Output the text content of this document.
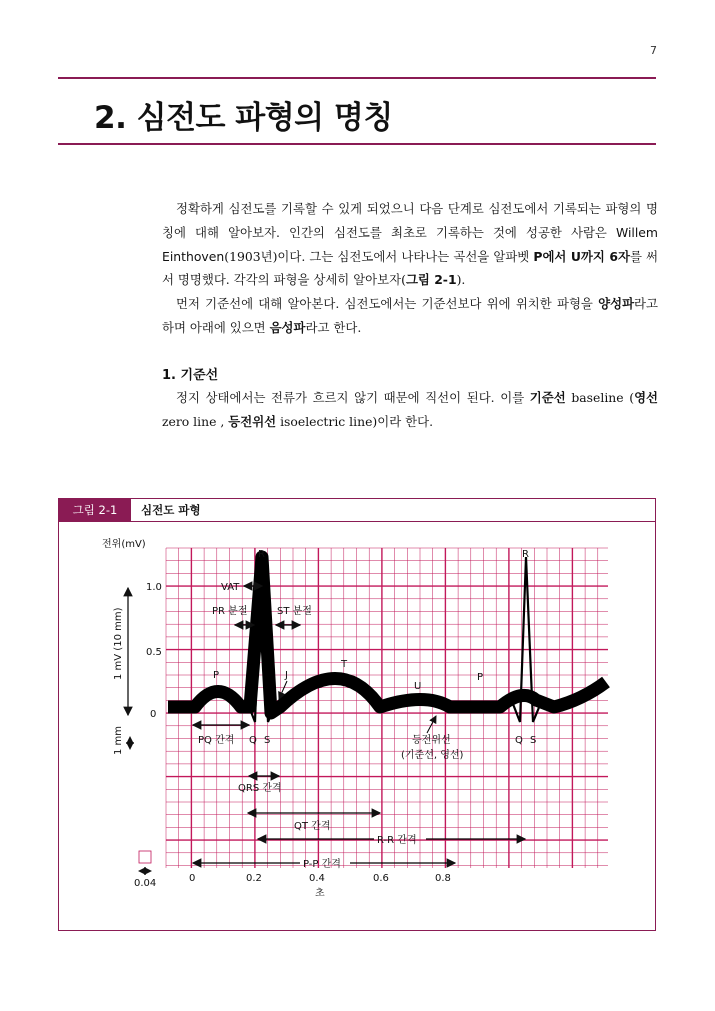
7
2. 심전도 파형의 명칭

정확하게 심전도를 기록할 수 있게 되었으니 다음 단계로 심전도에서 기록되는 파형의 명칭에 대해 알아보자. 인간의 심전도를 최초로 기록하는 것에 성공한 사람은 Willem Einthoven(1903년)이다. 그는 심전도에서 나타나는 곡선을 알파벳 P에서 U까지 6자를 써서 명명했다. 각각의 파형을 상세히 알아보자(그림 2-1).

먼저 기준선에 대해 알아본다. 심전도에서는 기준선보다 위에 위치한 파형을 양성파라고 하며 아래에 있으면 음성파라고 한다.

1. 기준선

정지 상태에서는 전류가 흐르지 않기 때문에 직선이 된다. 이를 기준선 baseline (영선 zero line , 등전위선 isoelectric line)이라 한다.

그림 2-1	심전도 파형
전위(mV)
1.0
0.5
0
0	0.2	0.4	0.6	0.8
초
1 mV (10 mm)
1 mm
0.04
R	R
P	P
T
U
J
Q S	Q S
VAT
PR 분절	ST 분절
PQ 간격
QRS 간격
QT 간격
R-R 간격
P-P 간격
등전위선
(기준선, 영선)
